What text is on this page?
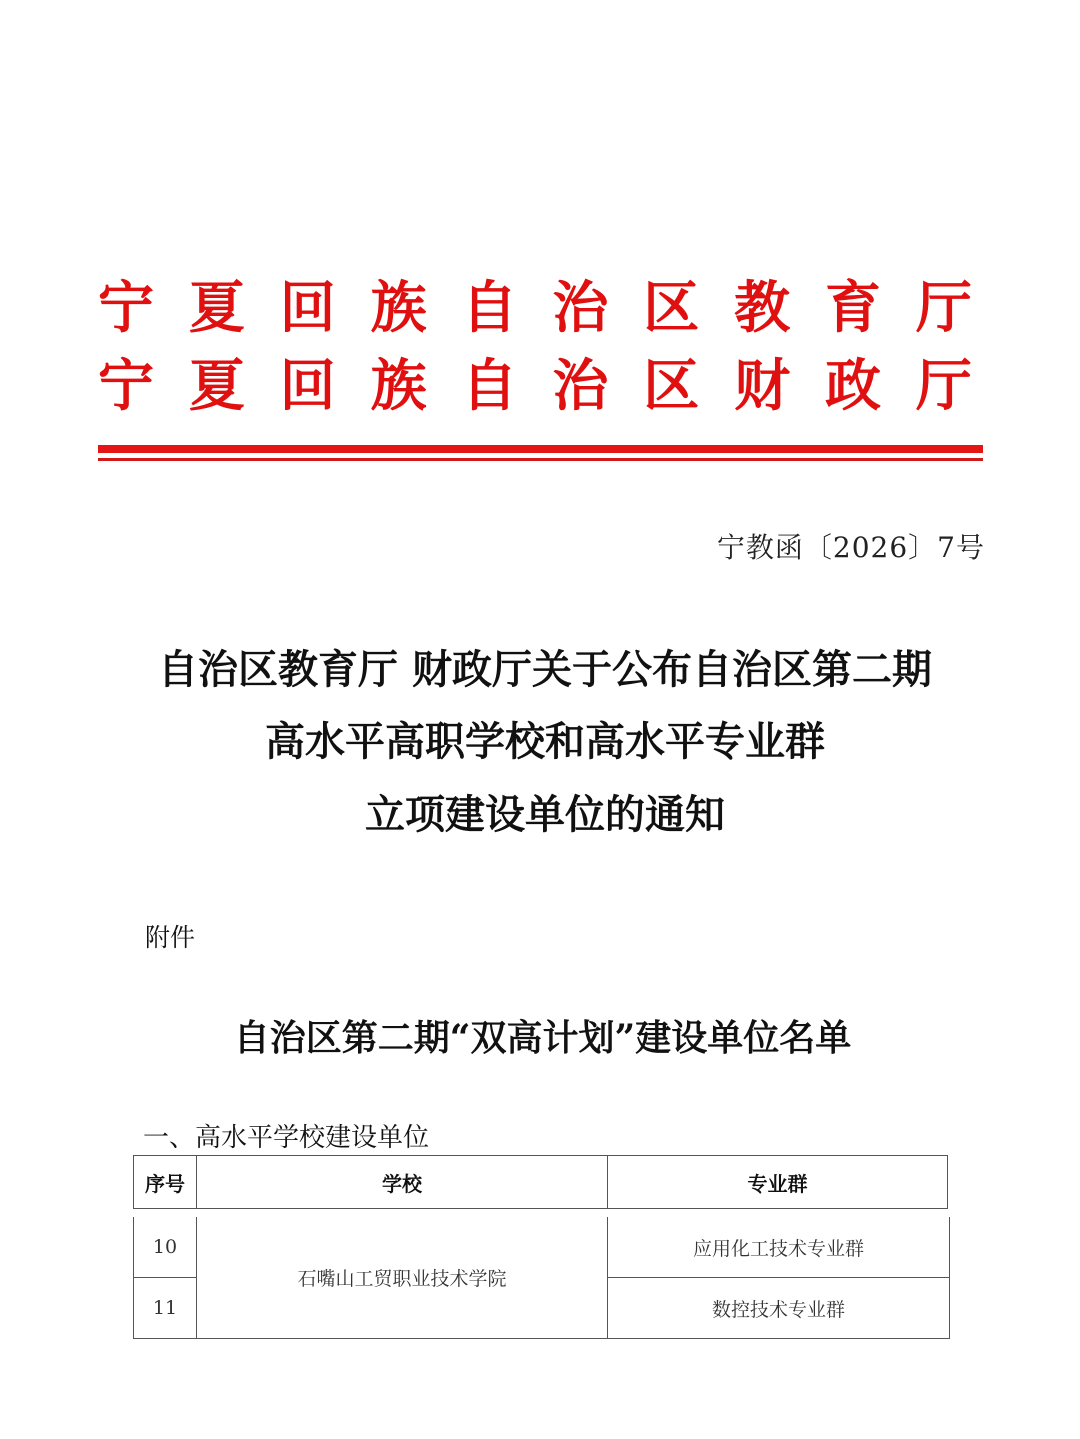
宁 夏 回 族 自 治 区 教 育 厅
宁 夏 回 族 自 治 区 财 政 厅
宁教函〔2026〕7号
自治区教育厅 财政厅关于公布自治区第二期
高水平高职学校和高水平专业群
立项建设单位的通知
附件
自治区第二期“双高计划”建设单位名单
一、高水平学校建设单位
序号	学校	专业群
10	石嘴山工贸职业技术学院	应用化工技术专业群
11		数控技术专业群
